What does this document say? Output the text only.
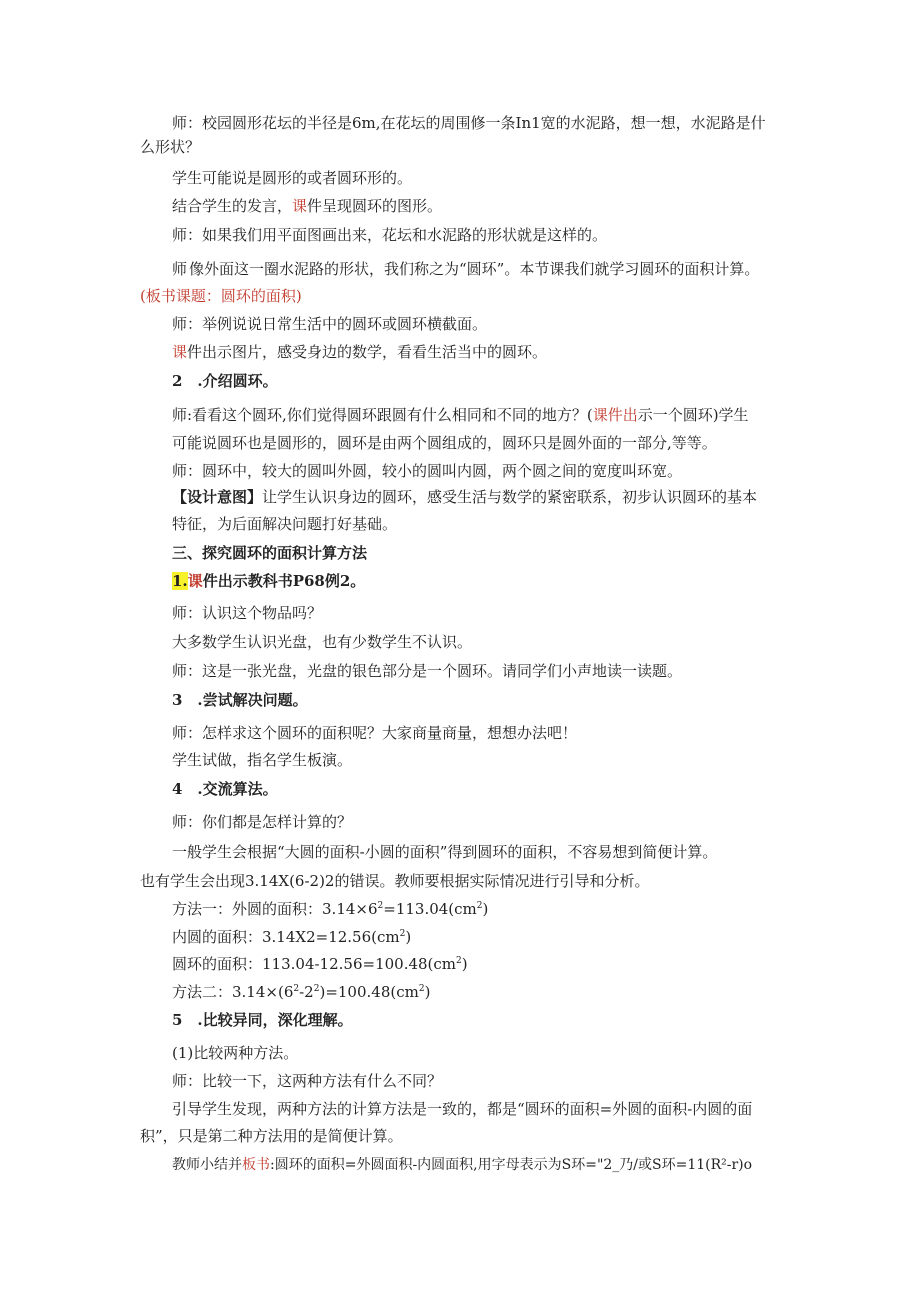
师：校园圆形花坛的半径是6m,在花坛的周围修一条In1宽的水泥路，想一想，水泥路是什
么形状？
学生可能说是圆形的或者圆环形的。
结合学生的发言，课件呈现圆环的图形。
师：如果我们用平面图画出来，花坛和水泥路的形状就是这样的。
师 像外面这一圈水泥路的形状，我们称之为“圆环”。本节课我们就学习圆环的面积计算。
(板书课题：圆环的面积)
师：举例说说日常生活中的圆环或圆环横截面。
课件出示图片，感受身边的数学，看看生活当中的圆环。
2　.介绍圆环。
师:看看这个圆环,你们觉得圆环跟圆有什么相同和不同的地方？(课件出示一个圆环)学生
可能说圆环也是圆形的，圆环是由两个圆组成的，圆环只是圆外面的一部分,等等。
师：圆环中，较大的圆叫外圆，较小的圆叫内圆，两个圆之间的宽度叫环宽。
【设计意图】让学生认识身边的圆环，感受生活与数学的紧密联系，初步认识圆环的基本
特征，为后面解决问题打好基础。
三、探究圆环的面积计算方法
1.课件出示教科书P68例2。
师：认识这个物品吗？
大多数学生认识光盘，也有少数学生不认识。
师：这是一张光盘，光盘的银色部分是一个圆环。请同学们小声地读一读题。
3　.尝试解决问题。
师：怎样求这个圆环的面积呢？大家商量商量，想想办法吧！
学生试做，指名学生板演。
4　.交流算法。
师：你们都是怎样计算的？
一般学生会根据“大圆的面积-小圆的面积”得到圆环的面积，不容易想到简便计算。
也有学生会出现3.14X(6-2)2的错误。教师要根据实际情况进行引导和分析。
方法一：外圆的面积：$3.14\times 6^2=113.04(cm^2)$
内圆的面积：$3.14X2=12.56(cm^2)$
圆环的面积：$113.04-12.56=100.48(cm^2)$
方法二：$3.14\times(6^2-2^2)=100.48(cm^2)$
5　.比较异同，深化理解。
(1)比较两种方法。
师：比较一下，这两种方法有什么不同？
引导学生发现，两种方法的计算方法是一致的，都是“圆环的面积=外圆的面积-内圆的面
积”，只是第二种方法用的是简便计算。
教师小结并板书:圆环的面积=外圆面积-内圆面积,用字母表示为S环="2_乃/或S环=11(R²-r)o
